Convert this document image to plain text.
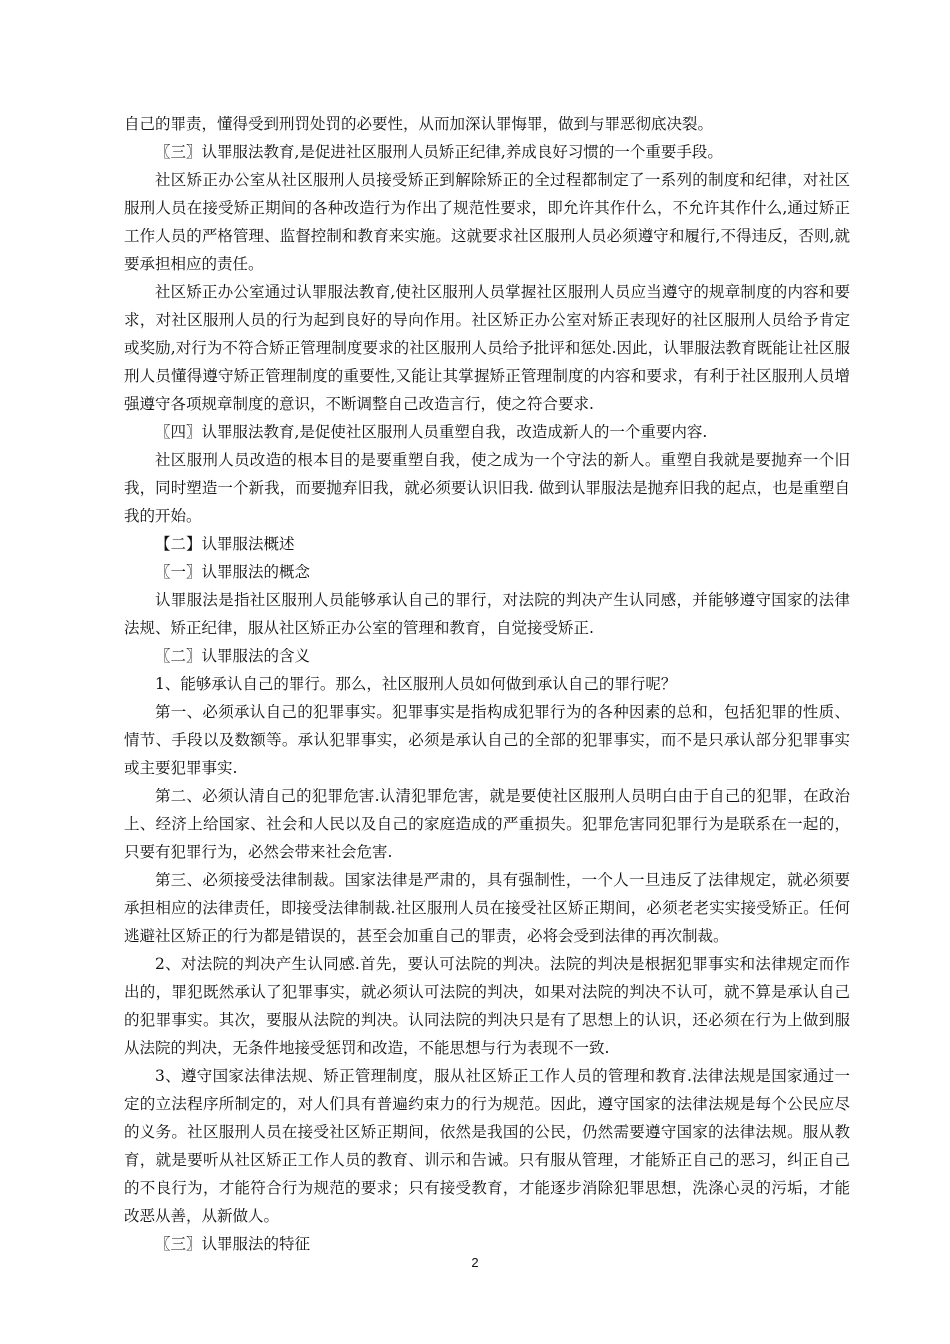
自己的罪责，懂得受到刑罚处罚的必要性，从而加深认罪悔罪，做到与罪恶彻底决裂。

〖三〗认罪服法教育,是促进社区服刑人员矫正纪律,养成良好习惯的一个重要手段。

社区矫正办公室从社区服刑人员接受矫正到解除矫正的全过程都制定了一系列的制度和纪律，对社区服刑人员在接受矫正期间的各种改造行为作出了规范性要求，即允许其作什么，不允许其作什么,通过矫正工作人员的严格管理、监督控制和教育来实施。这就要求社区服刑人员必须遵守和履行,不得违反，否则,就要承担相应的责任。

社区矫正办公室通过认罪服法教育,使社区服刑人员掌握社区服刑人员应当遵守的规章制度的内容和要求，对社区服刑人员的行为起到良好的导向作用。社区矫正办公室对矫正表现好的社区服刑人员给予肯定或奖励,对行为不符合矫正管理制度要求的社区服刑人员给予批评和惩处.因此，认罪服法教育既能让社区服刑人员懂得遵守矫正管理制度的重要性,又能让其掌握矫正管理制度的内容和要求，有利于社区服刑人员增强遵守各项规章制度的意识，不断调整自己改造言行，使之符合要求.

〖四〗认罪服法教育,是促使社区服刑人员重塑自我，改造成新人的一个重要内容.

社区服刑人员改造的根本目的是要重塑自我，使之成为一个守法的新人。重塑自我就是要抛弃一个旧我，同时塑造一个新我，而要抛弃旧我，就必须要认识旧我. 做到认罪服法是抛弃旧我的起点，也是重塑自我的开始。

【二】认罪服法概述

〖一〗认罪服法的概念

认罪服法是指社区服刑人员能够承认自己的罪行，对法院的判决产生认同感，并能够遵守国家的法律法规、矫正纪律，服从社区矫正办公室的管理和教育，自觉接受矫正.

〖二〗认罪服法的含义

1、能够承认自己的罪行。那么，社区服刑人员如何做到承认自己的罪行呢？

第一、必须承认自己的犯罪事实。犯罪事实是指构成犯罪行为的各种因素的总和，包括犯罪的性质、情节、手段以及数额等。承认犯罪事实，必须是承认自己的全部的犯罪事实，而不是只承认部分犯罪事实或主要犯罪事实.

第二、必须认清自己的犯罪危害.认清犯罪危害，就是要使社区服刑人员明白由于自己的犯罪，在政治上、经济上给国家、社会和人民以及自己的家庭造成的严重损失。犯罪危害同犯罪行为是联系在一起的，只要有犯罪行为，必然会带来社会危害.

第三、必须接受法律制裁。国家法律是严肃的，具有强制性，一个人一旦违反了法律规定，就必须要承担相应的法律责任，即接受法律制裁.社区服刑人员在接受社区矫正期间，必须老老实实接受矫正。任何逃避社区矫正的行为都是错误的，甚至会加重自己的罪责，必将会受到法律的再次制裁。

2、对法院的判决产生认同感.首先，要认可法院的判决。法院的判决是根据犯罪事实和法律规定而作出的，罪犯既然承认了犯罪事实，就必须认可法院的判决，如果对法院的判决不认可，就不算是承认自己的犯罪事实。其次，要服从法院的判决。认同法院的判决只是有了思想上的认识，还必须在行为上做到服从法院的判决，无条件地接受惩罚和改造，不能思想与行为表现不一致.

3、遵守国家法律法规、矫正管理制度，服从社区矫正工作人员的管理和教育.法律法规是国家通过一定的立法程序所制定的，对人们具有普遍约束力的行为规范。因此，遵守国家的法律法规是每个公民应尽的义务。社区服刑人员在接受社区矫正期间，依然是我国的公民，仍然需要遵守国家的法律法规。服从教育，就是要听从社区矫正工作人员的教育、训示和告诫。只有服从管理，才能矫正自己的恶习，纠正自己的不良行为，才能符合行为规范的要求；只有接受教育，才能逐步消除犯罪思想，洗涤心灵的污垢，才能改恶从善，从新做人。

〖三〗认罪服法的特征

2
